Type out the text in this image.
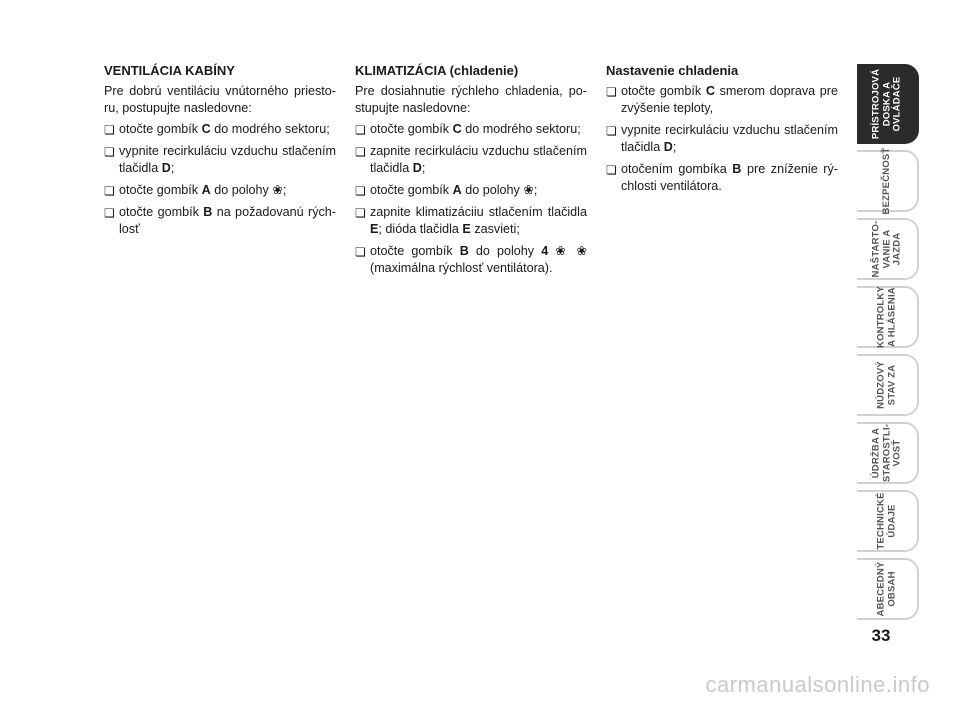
VENTILÁCIA KABÍNY
Pre dobrú ventiláciu vnútorného priesto-ru, postupujte nasledovne:
❏ otočte gombík C do modrého sektoru;
❏ vypnite recirkuláciu vzduchu stlačením tlačidla D;
❏ otočte gombík A do polohy ❀;
❏ otočte gombík B na požadovanú rých-losť
KLIMATIZÁCIA (chladenie)
Pre dosiahnutie rýchleho chladenia, po-stupujte nasledovne:
❏ otočte gombík C do modrého sektoru;
❏ zapnite recirkuláciu vzduchu stlačením tlačidla D;
❏ otočte gombík A do polohy ❀;
❏ zapnite klimatizáciiu stlačením tlačidla E; dióda tlačidla E zasvieti;
❏ otočte gombík B do polohy 4 ❀ ❀ (maximálna rýchlosť ventilátora).
Nastavenie chladenia
❏ otočte gombík C smerom doprava pre zvýšenie teploty,
❏ vypnite recirkuláciu vzduchu stlačením tlačidla D;
❏ otočením gombíka B pre zníženie rý-chlosti ventilátora.
PRÍSTROJOVÁ
DOSKA A
OVLÁDAČE
BEZPEČNOSŤ
NAŠTARTO-
VANIE A
JAZDA
KONTROLKY
A HLÁSENIA
NÚDZOVÝ
STAV ZA
ÚDRŽBA A
STAROSTLI-
VOSŤ
TECHNICKÉ
ÚDAJE
ABECEDNÝ
OBSAH
33
carmanualsonline.info
